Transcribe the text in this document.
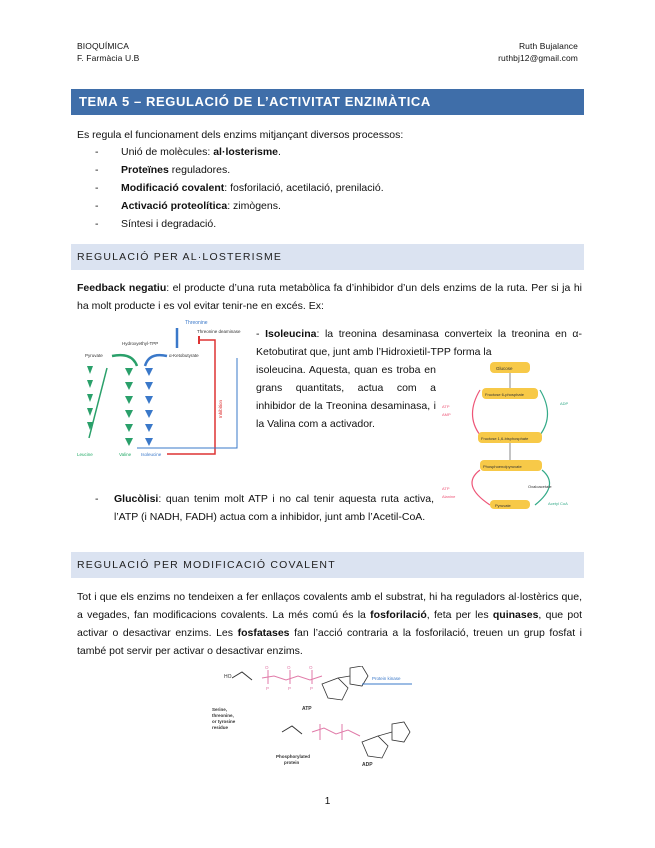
BIOQUÍMICA
F. Farmàcia U.B
Ruth Bujalance
ruthbj12@gmail.com
TEMA 5 – REGULACIÓ DE L’ACTIVITAT ENZIMÀTICA
Es regula el funcionament dels enzims mitjançant diversos processos:
- Unió de molècules: al·losterisme.
- Proteïnes reguladores.
- Modificació covalent: fosforilació, acetilació, prenilació.
- Activació proteolítica: zimògens.
- Síntesi i degradació.
REGULACIÓ PER AL·LOSTERISME
Feedback negatiu: el producte d’una ruta metabòlica fa d’inhibidor d’un dels enzims de la ruta. Per si ja hi ha molt producte i es vol evitar tenir-ne en excés. Ex:
Threonine
Threonine deaminase
Hydroxyethyl-TPP
Pyruvate	α-Ketobutyrate
Leucine	Valine Isoleucine
Inhibition
- Isoleucina: la treonina desaminasa converteix la treonina en α-Ketobutirat que, junt amb l’Hidroxietil-TPP forma la
isoleucina. Aquesta, quan es troba en grans quantitats, actua com a inhibidor de la Treonina desaminasa, i la Valina com a activador.
Glucose
Fructose 6-phosphate
Fructose 1,6-bisphosphate
Phosphoenolpyruvate
Oxaloacetate
Pyruvate
ATP
AMP
ADP
ATP
Alanine
Acetyl CoA
-	Glucòlisi: quan tenim molt ATP i no cal tenir aquesta ruta activa, l’ATP (i NADH, FADH) actua com a inhibidor, junt amb l’Acetil-CoA.
REGULACIÓ PER MODIFICACIÓ COVALENT
Tot i que els enzims no tendeixen a fer enllaços covalents amb el substrat, hi ha reguladors al·lostèrics que, a vegades, fan modificacions covalents. La més comú és la fosforilació, feta per les quinases, que pot activar o desactivar enzims. Les fosfatases fan l’acció contraria a la fosforilació, treuen un grup fosfat i també pot servir per activar o desactivar enzims.
HO
O	O	O
P	P	P
ATP
Protein kinase
Serine,
threonine,
or tyrosine
residue
Phosphorylated
protein	ADP
1
